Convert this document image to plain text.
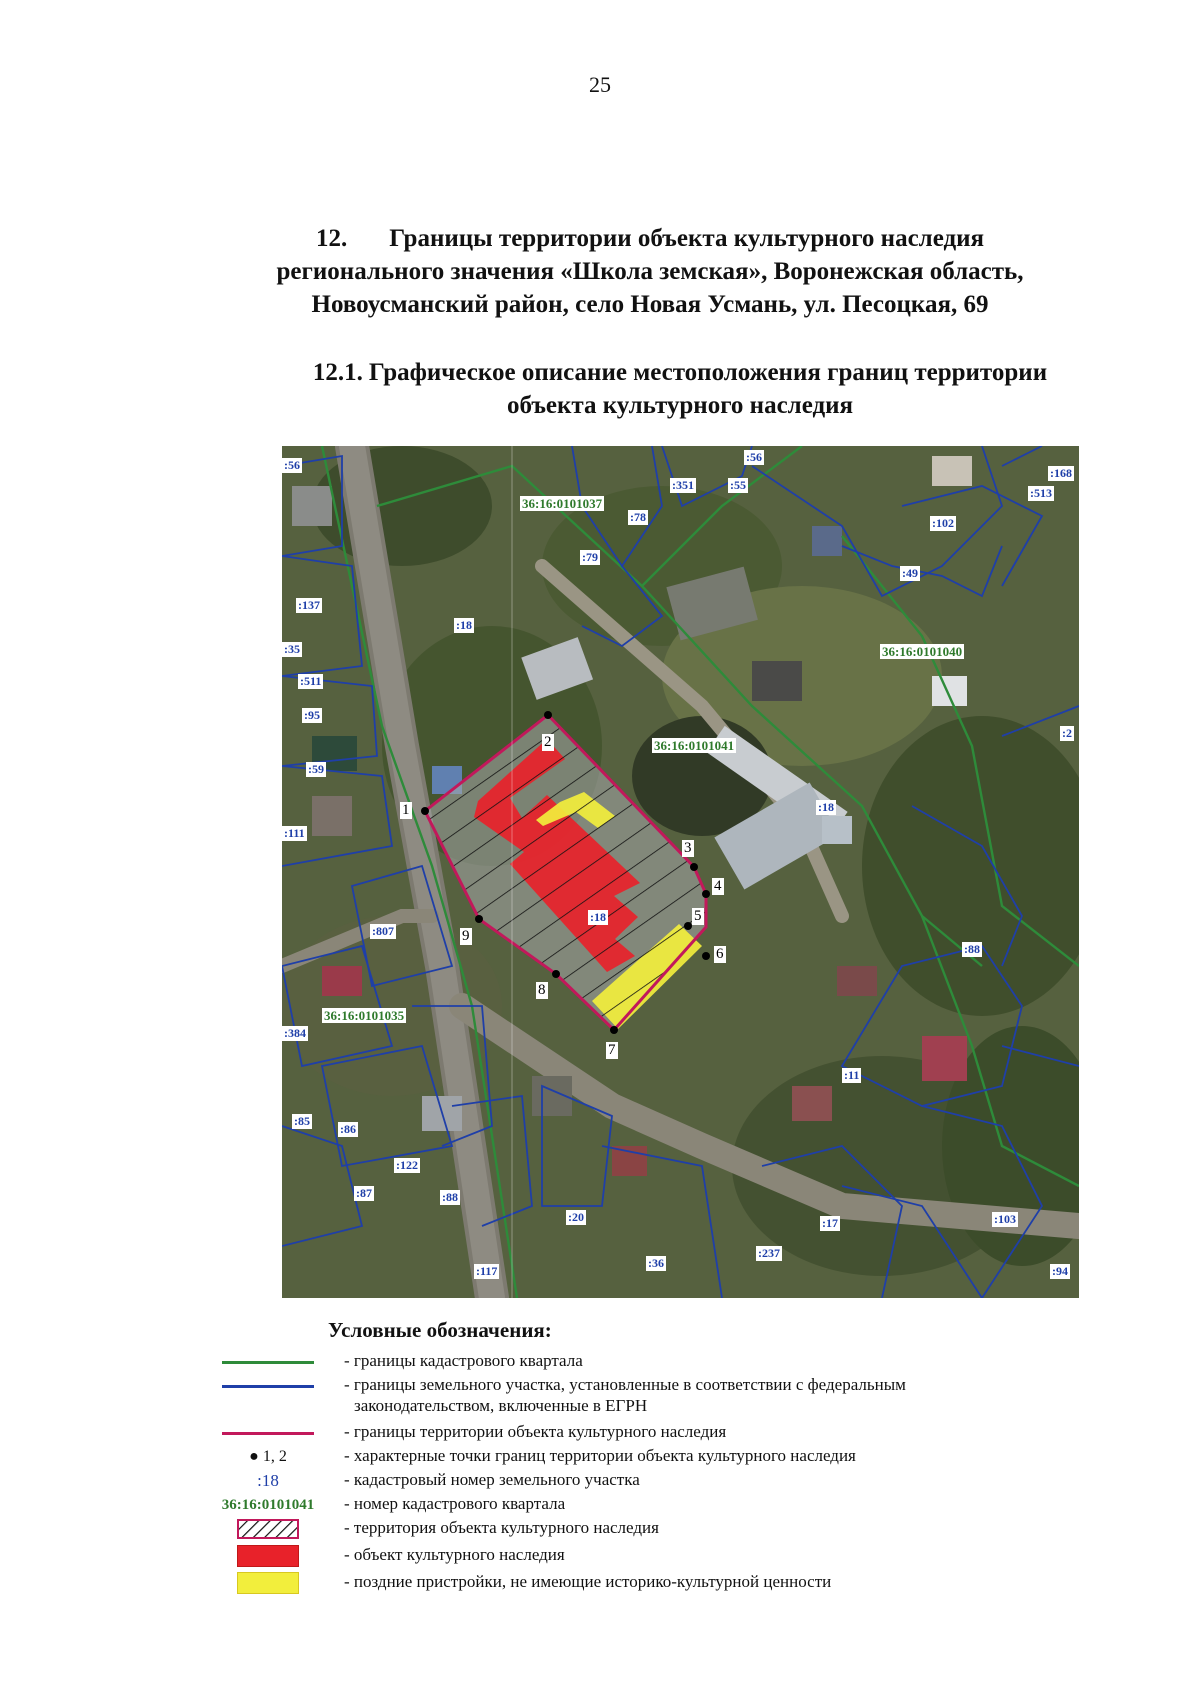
25
12. Границы территории объекта культурного наследия
регионального значения «Школа земская», Воронежская область,
Новоусманский район, село Новая Усмань, ул. Песоцкая, 69
12.1. Графическое описание местоположения границ территории
объекта культурного наследия
36:16:0101037
36:16:0101040
36:16:0101041
36:16:0101035
:56
:56
:351	:55
:168
:513
:78
:79
:102
:49
:137
:18
:35
:511
:95
:2
:59
:18
:111
:807
:88
:384
:18
:11
:85
:86
:122
:87	:88
:20	:17	:103
:36
:237
:117	:94
1
2
3
4
5
6
7
8
9
Условные обозначения:
- границы кадастрового квартала
- границы земельного участка, установленные в соответствии с федеральным
законодательством, включенные в ЕГРН
- границы территории объекта культурного наследия
● 1, 2	- характерные точки границ территории объекта культурного наследия
:18	- кадастровый номер земельного участка
36:16:0101041 - номер кадастрового квартала
- территория объекта культурного наследия
- объект культурного наследия
- поздние пристройки, не имеющие историко-культурной ценности
